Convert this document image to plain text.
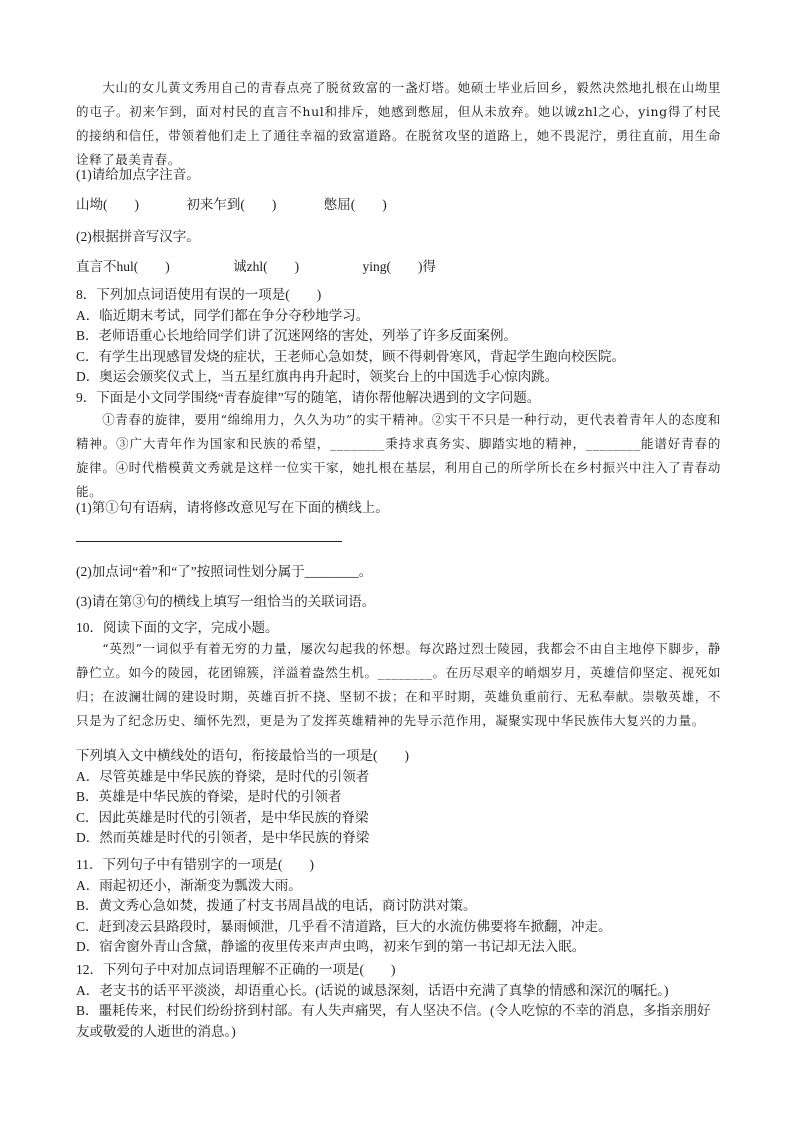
大山的女儿黄文秀用自己的青春点亮了脱贫致富的一盏灯塔。她硕士毕业后回乡，毅然决然地扎根在山坳里的屯子。初来乍到，面对村民的直言不hul和排斥，她感到憋屈，但从未放弃。她以诚zhl之心，ying得了村民的接纳和信任，带领着他们走上了通往幸福的致富道路。在脱贫攻坚的道路上，她不畏泥泞，勇往直前，用生命诠释了最美青春。

(1)请给加点字注音。

山坳(　　)	初来乍到(　　)	憋屈(　　)

(2)根据拼音写汉字。

直言不hul(　　)	诚zhl(　　)	ying(　　)得

8．下列加点词语使用有误的一项是(　　)

A．临近期末考试，同学们都在争分夺秒地学习。

B．老师语重心长地给同学们讲了沉迷网络的害处，列举了许多反面案例。

C．有学生出现感冒发烧的症状，王老师心急如焚，顾不得刺骨寒风，背起学生跑向校医院。

D．奥运会颁奖仪式上，当五星红旗冉冉升起时，领奖台上的中国选手心惊肉跳。

9．下面是小文同学围绕“青春旋律”写的随笔，请你帮他解决遇到的文字问题。

①青春的旋律，要用“绵绵用力，久久为功”的实干精神。②实干不只是一种行动，更代表着青年人的态度和精神。③广大青年作为国家和民族的希望，________秉持求真务实、脚踏实地的精神，________能谱好青春的旋律。④时代楷模黄文秀就是这样一位实干家，她扎根在基层，利用自己的所学所长在乡村振兴中注入了青春动能。

(1)第①句有语病，请将修改意见写在下面的横线上。

(2)加点词“着”和“了”按照词性划分属于________。

(3)请在第③句的横线上填写一组恰当的关联词语。

10．阅读下面的文字，完成小题。

“英烈”一词似乎有着无穷的力量，屡次勾起我的怀想。每次路过烈士陵园，我都会不由自主地停下脚步，静静伫立。如今的陵园，花团锦簇，洋溢着盎然生机。________。在历尽艰辛的峭烟岁月，英雄信仰坚定、视死如归；在波澜壮阔的建设时期，英雄百折不挠、坚韧不拔；在和平时期，英雄负重前行、无私奉献。崇敬英雄，不只是为了纪念历史、缅怀先烈，更是为了发挥英雄精神的先导示范作用，凝聚实现中华民族伟大复兴的力量。

下列填入文中横线处的语句，衔接最恰当的一项是(　　)

A．尽管英雄是中华民族的脊梁，是时代的引领者

B．英雄是中华民族的脊梁，是时代的引领者

C．因此英雄是时代的引领者，是中华民族的脊梁

D．然而英雄是时代的引领者，是中华民族的脊梁

11．下列句子中有错别字的一项是(　　)

A．雨起初还小，渐渐变为瓢泼大雨。

B．黄文秀心急如焚，拨通了村支书周昌战的电话，商讨防洪对策。

C．赶到凌云县路段时，暴雨倾泄，几乎看不清道路，巨大的水流仿佛要将车掀翻，冲走。

D．宿舍窗外青山含黛，静谧的夜里传来声声虫鸣，初来乍到的第一书记却无法入眠。

12．下列句子中对加点词语理解不正确的一项是(　　)

A．老支书的话平平淡淡，却语重心长。(话说的诚恳深刻，话语中充满了真挚的情感和深沉的嘱托。)

B．噩耗传来，村民们纷纷挤到村部。有人失声痛哭，有人坚决不信。(令人吃惊的不幸的消息，多指亲朋好友或敬爱的人逝世的消息。)
